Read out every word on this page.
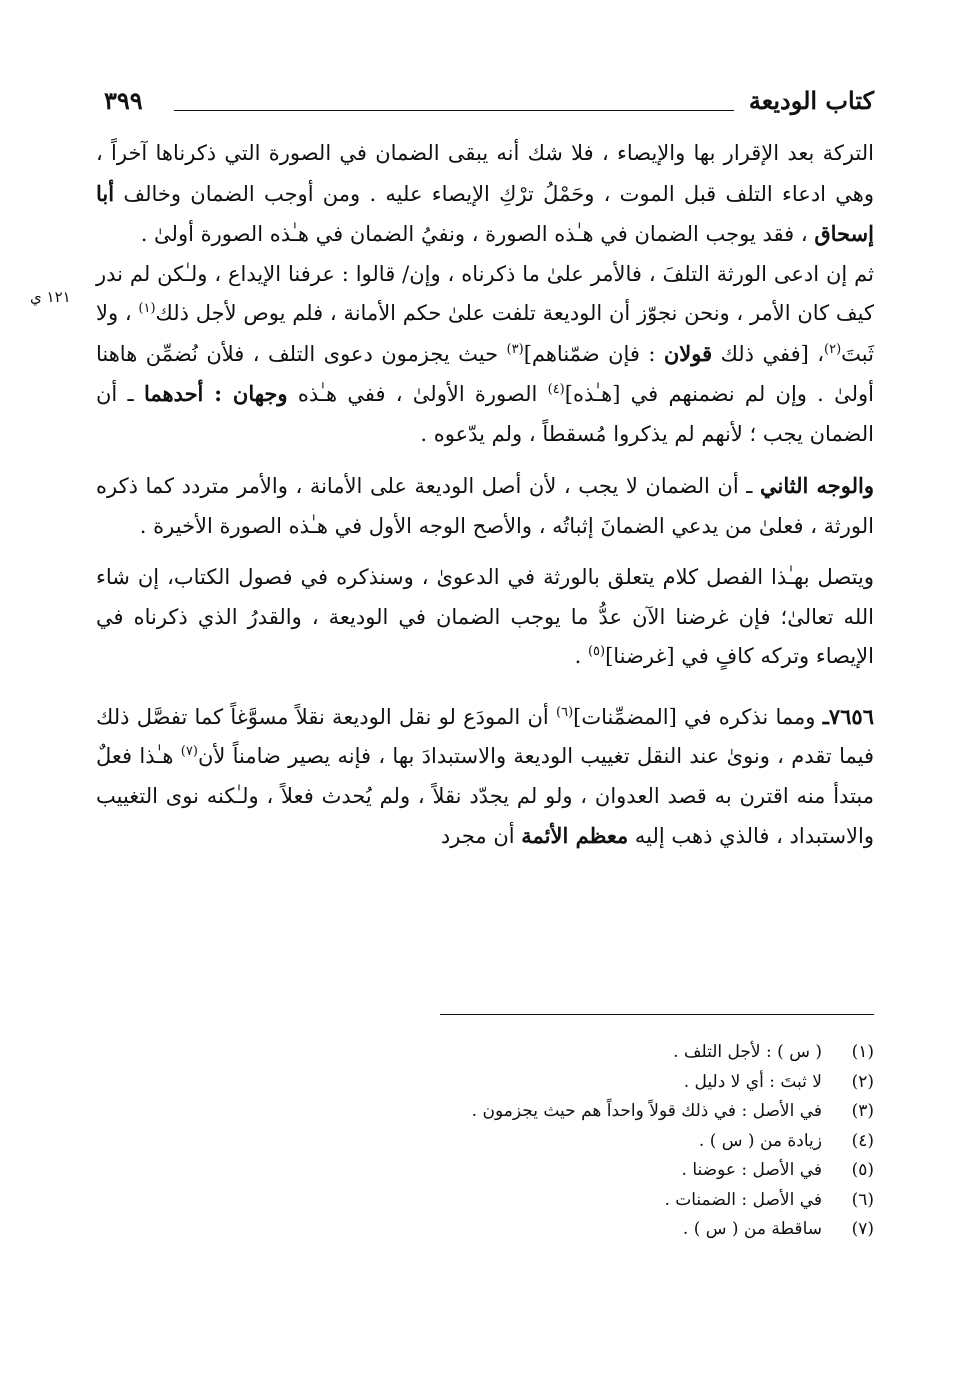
كتاب الوديعة
٣٩٩
١٢١ ي

التركة بعد الإقرار بها والإيصاء ، فلا شك أنه يبقى الضمان في الصورة التي ذكرناها آخراً ، وهي ادعاء التلف قبل الموت ، وحَمْلُ ترْكِ الإيصاء عليه . ومن أوجب الضمان وخالف أبا إسحاق ، فقد يوجب الضمان في هـٰذه الصورة ، ونفيُ الضمان في هـٰذه الصورة أولىٰ .

ثم إن ادعى الورثة التلفَ ، فالأمر علىٰ ما ذكرناه ، وإن/ قالوا : عرفنا الإيداع ، ولـٰكن لم ندر كيف كان الأمر ، ونحن نجوّز أن الوديعة تلفت علىٰ حكم الأمانة ، فلم يوص لأجل ذلك$^{(١)}$ ، ولا ثَبتَ$^{(٢)}$، [ففي ذلك قولان : فإن ضمّناهم]$^{(٣)}$ حيث يجزمون دعوى التلف ، فلأن نُضمِّن هاهنا أولىٰ . وإن لم نضمنهم في [هـٰذه]$^{(٤)}$ الصورة الأولىٰ ، ففي هـٰذه وجهان : أحدهما ـ أن الضمان يجب ؛ لأنهم لم يذكروا مُسقطاً ، ولم يدّعوه .

والوجه الثاني ـ أن الضمان لا يجب ، لأن أصل الوديعة على الأمانة ، والأمر متردد كما ذكره الورثة ، فعلىٰ من يدعي الضمانَ إثباتُه ، والأصح الوجه الأول في هـٰذه الصورة الأخيرة .

ويتصل بهـٰذا الفصل كلام يتعلق بالورثة في الدعوىٰ ، وسنذكره في فصول الكتاب، إن شاء الله تعالىٰ؛ فإن غرضنا الآن عدُّ ما يوجب الضمان في الوديعة ، والقدرُ الذي ذكرناه في الإيصاء وتركه كافٍ في [غرضنا]$^{(٥)}$ .

٧٦٥٦ـ ومما نذكره في [المضمِّنات]$^{(٦)}$ أن المودَع لو نقل الوديعة نقلاً مسوَّغاً كما تفصَّل ذلك فيما تقدم ، ونوىٰ عند النقل تغييب الوديعة والاستبدادَ بها ، فإنه يصير ضامناً لأن$^{(٧)}$ هـٰذا فعلٌ مبتدأ منه اقترن به قصد العدوان ، ولو لم يجدّد نقلاً ، ولم يُحدث فعلاً ، ولـٰكنه نوى التغييب والاستبداد ، فالذي ذهب إليه معظم الأئمة أن مجرد

(١)
( س ) : لأجل التلف .
(٢)
لا ثبتَ : أي لا دليل .
(٣)
في الأصل : في ذلك قولاً واحداً هم حيث يجزمون .
(٤)
زيادة من ( س ) .
(٥)
في الأصل : عوضنا .
(٦)
في الأصل : الضمنات .
(٧)
ساقطة من ( س ) .
